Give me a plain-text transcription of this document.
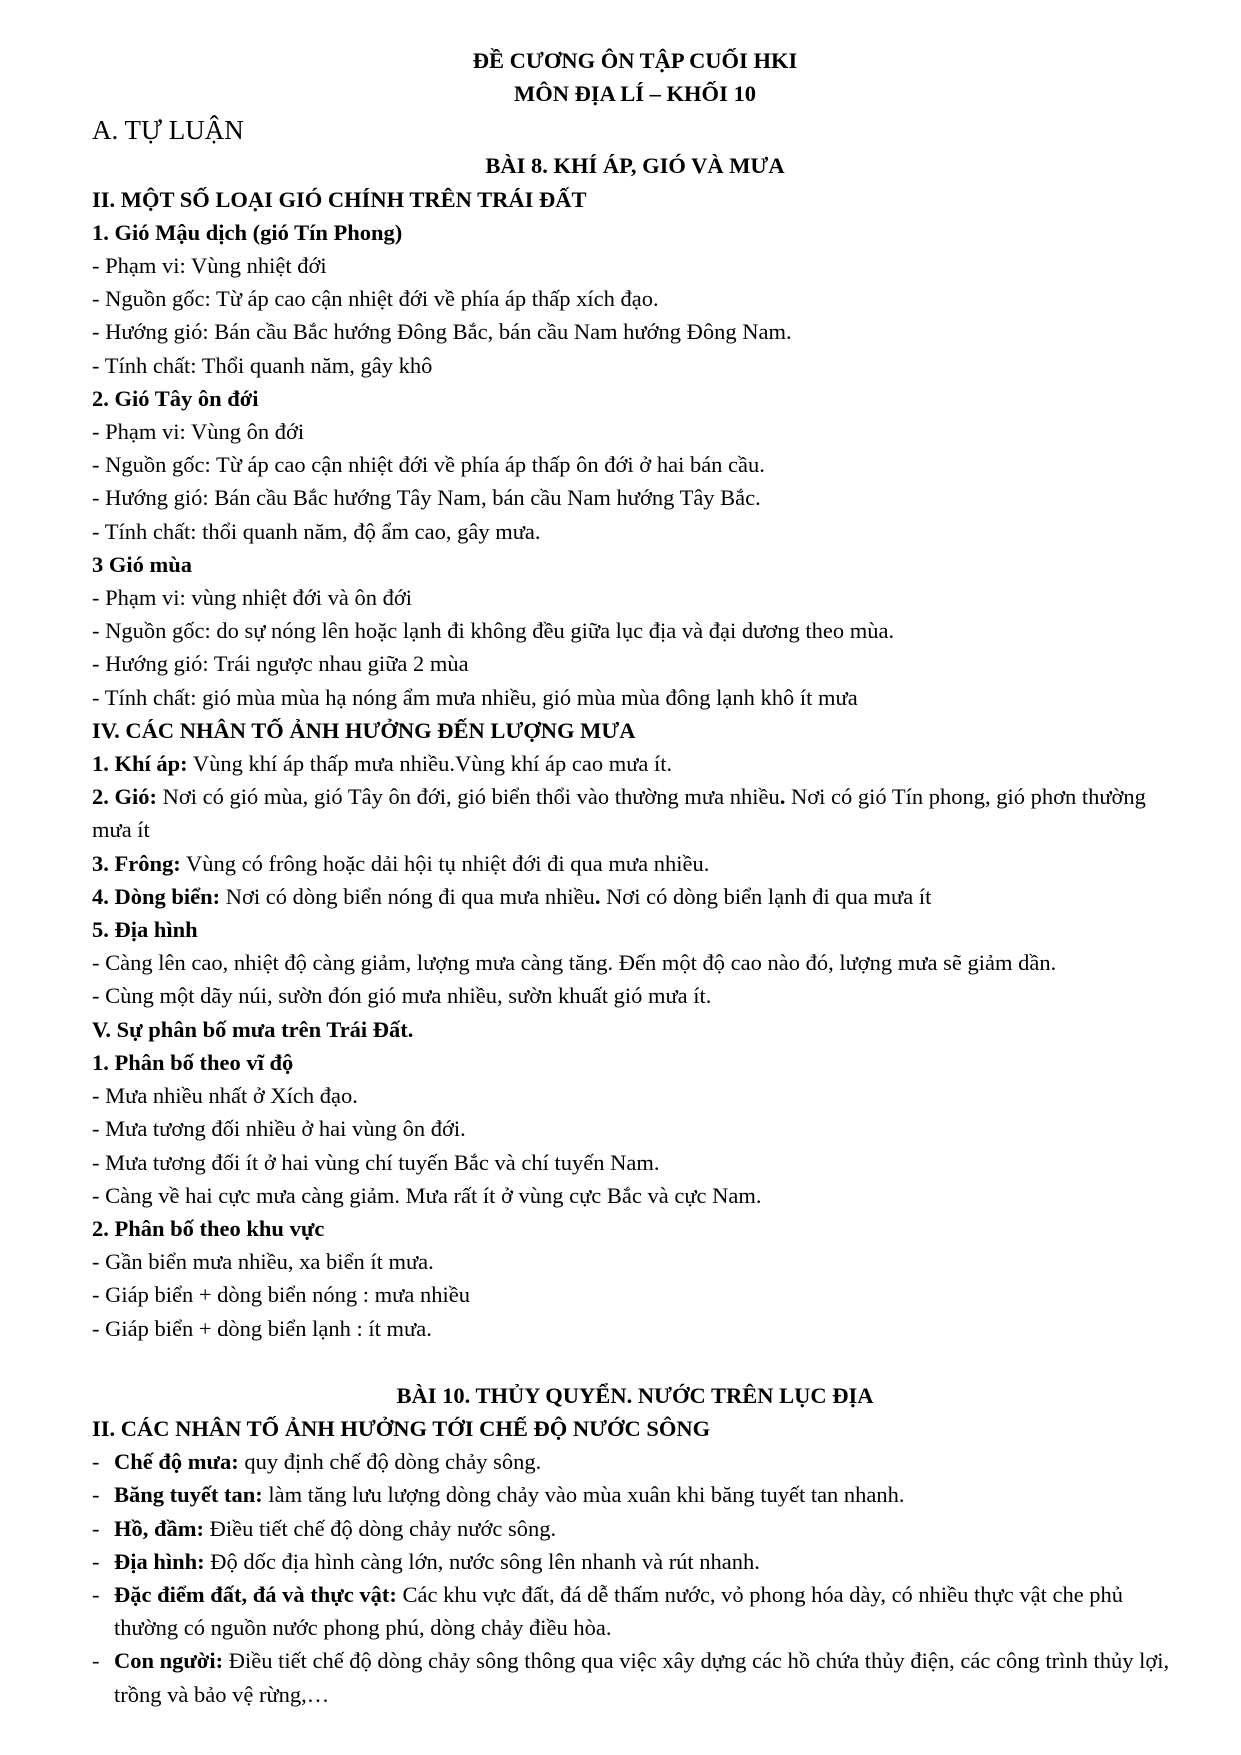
ĐỀ CƯƠNG ÔN TẬP CUỐI HKI
MÔN ĐỊA LÍ – KHỐI 10
A. TỰ LUẬN
BÀI 8. KHÍ ÁP, GIÓ VÀ MƯA
II. MỘT SỐ LOẠI GIÓ CHÍNH TRÊN TRÁI ĐẤT
1. Gió Mậu dịch (gió Tín Phong)
- Phạm vi: Vùng nhiệt đới
- Nguồn gốc: Từ áp cao cận nhiệt đới về phía áp thấp xích đạo.
- Hướng gió: Bán cầu Bắc hướng Đông Bắc, bán cầu Nam hướng Đông Nam.
- Tính chất: Thổi quanh năm, gây khô
2. Gió Tây ôn đới
- Phạm vi: Vùng ôn đới
- Nguồn gốc: Từ áp cao cận nhiệt đới về phía áp thấp ôn đới ở hai bán cầu.
- Hướng gió: Bán cầu Bắc hướng Tây Nam, bán cầu Nam hướng Tây Bắc.
- Tính chất: thổi quanh năm, độ ẩm cao, gây mưa.
3 Gió mùa
- Phạm vi: vùng nhiệt đới và ôn đới
- Nguồn gốc: do sự nóng lên hoặc lạnh đi không đều giữa lục địa và đại dương theo mùa.
- Hướng gió: Trái ngược nhau giữa 2 mùa
- Tính chất: gió mùa mùa hạ nóng ẩm mưa nhiều, gió mùa mùa đông lạnh khô ít mưa
IV. CÁC NHÂN TỐ ẢNH HƯỞNG ĐẾN LƯỢNG MƯA
1. Khí áp: Vùng khí áp thấp mưa nhiều.Vùng khí áp cao mưa ít.
2. Gió: Nơi có gió mùa, gió Tây ôn đới, gió biển thổi vào thường mưa nhiều. Nơi có gió Tín phong, gió phơn thường mưa ít
3. Frông: Vùng có frông hoặc dải hội tụ nhiệt đới đi qua mưa nhiều.
4. Dòng biển: Nơi có dòng biển nóng đi qua mưa nhiều. Nơi có dòng biển lạnh đi qua mưa ít
5. Địa hình
- Càng lên cao, nhiệt độ càng giảm, lượng mưa càng tăng. Đến một độ cao nào đó, lượng mưa sẽ giảm dần.
- Cùng một dãy núi, sườn đón gió mưa nhiều, sườn khuất gió mưa ít.
V. Sự phân bố mưa trên Trái Đất.
1. Phân bố theo vĩ độ
- Mưa nhiều nhất ở Xích đạo.
- Mưa tương đối nhiều ở hai vùng ôn đới.
- Mưa tương đối ít ở hai vùng chí tuyến Bắc và chí tuyến Nam.
- Càng về hai cực mưa càng giảm. Mưa rất ít ở vùng cực Bắc và cực Nam.
2. Phân bố theo khu vực
- Gần biển mưa nhiều, xa biển ít mưa.
- Giáp biển + dòng biển nóng : mưa nhiều
- Giáp biển + dòng biển lạnh : ít mưa.
BÀI 10. THỦY QUYỂN. NƯỚC TRÊN LỤC ĐỊA
II. CÁC NHÂN TỐ ẢNH HƯỞNG TỚI CHẾ ĐỘ NƯỚC SÔNG
- Chế độ mưa: quy định chế độ dòng chảy sông.
- Băng tuyết tan: làm tăng lưu lượng dòng chảy vào mùa xuân khi băng tuyết tan nhanh.
- Hồ, đầm: Điều tiết chế độ dòng chảy nước sông.
- Địa hình: Độ dốc địa hình càng lớn, nước sông lên nhanh và rút nhanh.
- Đặc điểm đất, đá và thực vật: Các khu vực đất, đá dễ thấm nước, vỏ phong hóa dày, có nhiều thực vật che phủ thường có nguồn nước phong phú, dòng chảy điều hòa.
- Con người: Điều tiết chế độ dòng chảy sông thông qua việc xây dựng các hồ chứa thủy điện, các công trình thủy lợi, trồng và bảo vệ rừng,…
